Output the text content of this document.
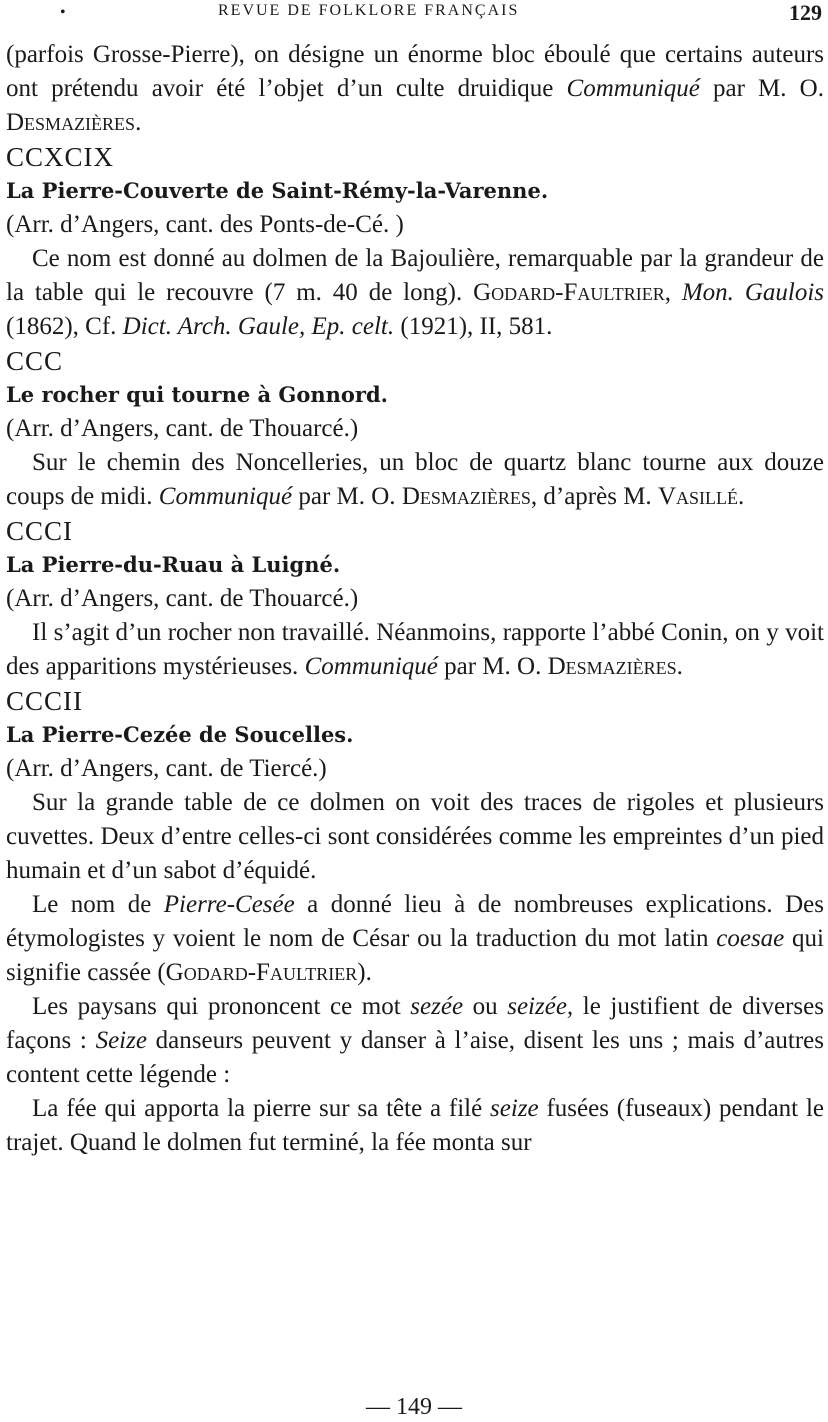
•	REVUE DE FOLKLORE FRANÇAIS	129

(parfois Grosse-Pierre), on désigne un énorme bloc éboulé que certains auteurs ont prétendu avoir été l’objet d’un culte druidique Communiqué par M. O. Desmazières.

CCXCIX

La Pierre-Couverte de Saint-Rémy-la-Varenne.

(Arr. d’Angers, cant. des Ponts-de-Cé. )

Ce nom est donné au dolmen de la Bajoulière, remarquable par la grandeur de la table qui le recouvre (7 m. 40 de long). Godard-Faultrier, Mon. Gaulois (1862), Cf. Dict. Arch. Gaule, Ep. celt. (1921), II, 581.

CCC

Le rocher qui tourne à Gonnord.

(Arr. d’Angers, cant. de Thouarcé.)

Sur le chemin des Noncelleries, un bloc de quartz blanc tourne aux douze coups de midi. Communiqué par M. O. Desmazières, d’après M. Vasillé.

CCCI

La Pierre-du-Ruau à Luigné.

(Arr. d’Angers, cant. de Thouarcé.)

Il s’agit d’un rocher non travaillé. Néanmoins, rapporte l’abbé Conin, on y voit des apparitions mystérieuses. Communiqué par M. O. Desmazières.

CCCII

La Pierre-Cezée de Soucelles.

(Arr. d’Angers, cant. de Tiercé.)

Sur la grande table de ce dolmen on voit des traces de rigoles et plusieurs cuvettes. Deux d’entre celles-ci sont considérées comme les empreintes d’un pied humain et d’un sabot d’équidé.

Le nom de Pierre-Cesée a donné lieu à de nombreuses explications. Des étymologistes y voient le nom de César ou la traduction du mot latin coesae qui signifie cassée (Godard-Faultrier).

Les paysans qui prononcent ce mot sezée ou seizée, le justifient de diverses façons : Seize danseurs peuvent y danser à l’aise, disent les uns ; mais d’autres content cette légende :

La fée qui apporta la pierre sur sa tête a filé seize fusées (fuseaux) pendant le trajet. Quand le dolmen fut terminé, la fée monta sur

— 149 —
